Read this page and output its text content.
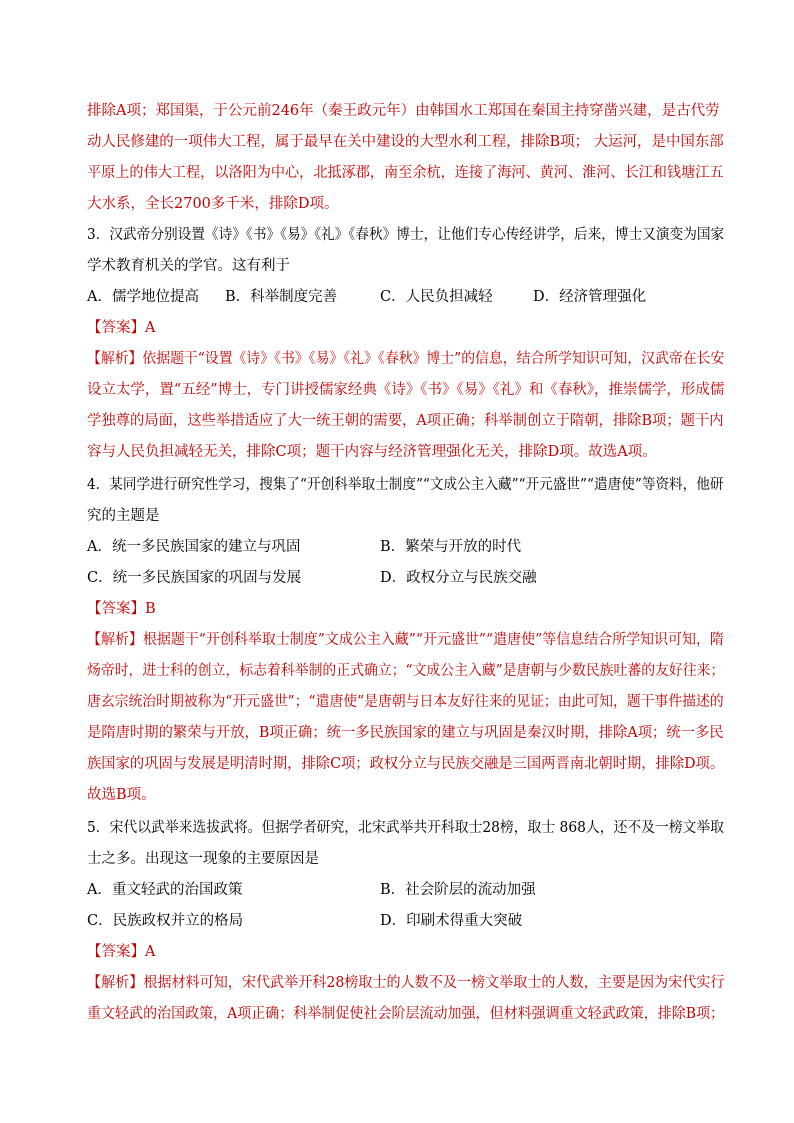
排除A项；郑国渠，于公元前246年（秦王政元年）由韩国水工郑国在秦国主持穿凿兴建，是古代劳
动人民修建的一项伟大工程，属于最早在关中建设的大型水利工程，排除B项； 大运河，是中国东部
平原上的伟大工程，以洛阳为中心，北抵涿郡，南至余杭，连接了海河、黄河、淮河、长江和钱塘江五
大水系，全长2700多千米，排除D项。
3．汉武帝分别设置《诗》《书》《易》《礼》《春秋》博士，让他们专心传经讲学，后来，博士又演变为国家
学术教育机关的学官。这有利于
A．儒学地位提高 B．科举制度完善	C．人民负担减轻	D．经济管理强化
【答案】A
【解析】依据题干“设置《诗》《书》《易》《礼》《春秋》博士”的信息，结合所学知识可知，汉武帝在长安
设立太学，置“五经”博士，专门讲授儒家经典《诗》《书》《易》《礼》和《春秋》，推崇儒学，形成儒
学独尊的局面，这些举措适应了大一统王朝的需要，A项正确；科举制创立于隋朝，排除B项；题干内
容与人民负担减轻无关，排除C项；题干内容与经济管理强化无关，排除D项。故选A项。
4．某同学进行研究性学习，搜集了“开创科举取士制度”“文成公主入藏”“开元盛世”“遣唐使”等资料，他研
究的主题是
A．统一多民族国家的建立与巩固	B．繁荣与开放的时代
C．统一多民族国家的巩固与发展	D．政权分立与民族交融
【答案】B
【解析】根据题干“开创科举取士制度”文成公主入藏”“开元盛世”“遣唐使”等信息结合所学知识可知，隋
炀帝时，进士科的创立，标志着科举制的正式确立；“文成公主入藏”是唐朝与少数民族吐蕃的友好往来；
唐玄宗统治时期被称为“开元盛世”；“遣唐使”是唐朝与日本友好往来的见证；由此可知，题干事件描述的
是隋唐时期的繁荣与开放，B项正确；统一多民族国家的建立与巩固是秦汉时期，排除A项；统一多民
族国家的巩固与发展是明清时期，排除C项；政权分立与民族交融是三国两晋南北朝时期，排除D项。
故选B项。
5．宋代以武举来选拔武将。但据学者研究，北宋武举共开科取士28榜，取士 868人，还不及一榜文举取
士之多。出现这一现象的主要原因是
A．重文轻武的治国政策	B．社会阶层的流动加强
C．民族政权并立的格局	D．印刷术得重大突破
【答案】A
【解析】根据材料可知，宋代武举开科28榜取士的人数不及一榜文举取士的人数，主要是因为宋代实行
重文轻武的治国政策，A项正确；科举制促使社会阶层流动加强，但材料强调重文轻武政策，排除B项；
